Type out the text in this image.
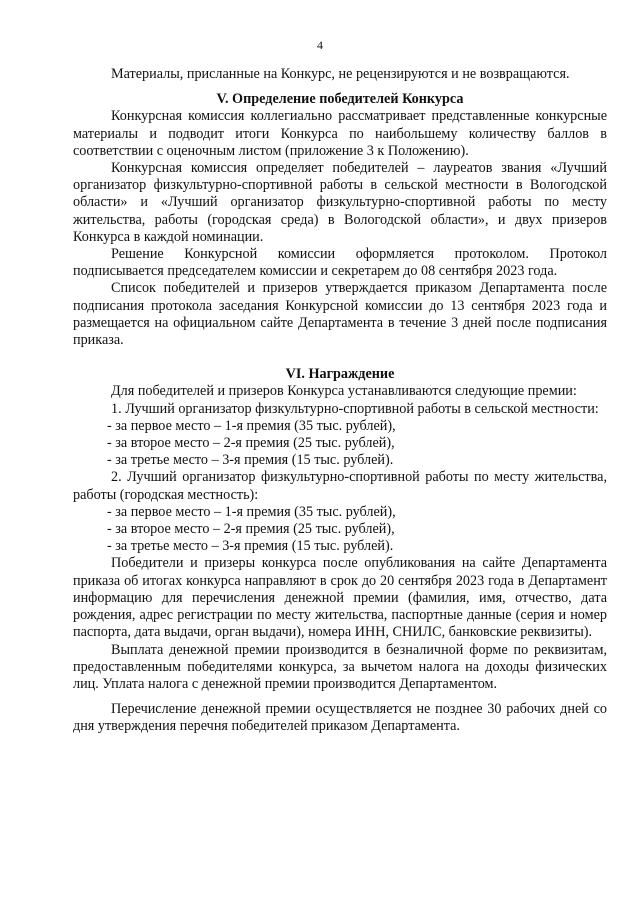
4

Материалы, присланные на Конкурс, не рецензируются и не возвращаются.

V. Определение победителей Конкурса

Конкурсная комиссия коллегиально рассматривает представленные конкурсные материалы и подводит итоги Конкурса по наибольшему количеству баллов в соответствии с оценочным листом (приложение 3 к Положению).

Конкурсная комиссия определяет победителей – лауреатов звания «Лучший организатор физкультурно-спортивной работы в сельской местности в Вологодской области» и «Лучший организатор физкультурно-спортивной работы по месту жительства, работы (городская среда) в Вологодской области», и двух призеров Конкурса в каждой номинации.

Решение Конкурсной комиссии оформляется протоколом. Протокол подписывается председателем комиссии и секретарем до 08 сентября 2023 года.

Список победителей и призеров утверждается приказом Департамента после подписания протокола заседания Конкурсной комиссии до 13 сентября 2023 года и размещается на официальном сайте Департамента в течение 3 дней после подписания приказа.

VI. Награждение

Для победителей и призеров Конкурса устанавливаются следующие премии:

1. Лучший организатор физкультурно-спортивной работы в сельской местности:

- за первое место – 1-я премия (35 тыс. рублей),

- за второе место – 2-я премия (25 тыс. рублей),

- за третье место – 3-я премия (15 тыс. рублей).

2. Лучший организатор физкультурно-спортивной работы по месту жительства, работы (городская местность):

- за первое место – 1-я премия (35 тыс. рублей),

- за второе место – 2-я премия (25 тыс. рублей),

- за третье место – 3-я премия (15 тыс. рублей).

Победители и призеры конкурса после опубликования на сайте Департамента приказа об итогах конкурса направляют в срок до 20 сентября 2023 года в Департамент информацию для перечисления денежной премии (фамилия, имя, отчество, дата рождения, адрес регистрации по месту жительства, паспортные данные (серия и номер паспорта, дата выдачи, орган выдачи), номера ИНН, СНИЛС, банковские реквизиты).

Выплата денежной премии производится в безналичной форме по реквизитам, предоставленным победителями конкурса, за вычетом налога на доходы физических лиц. Уплата налога с денежной премии производится Департаментом.

Перечисление денежной премии осуществляется не позднее 30 рабочих дней со дня утверждения перечня победителей приказом Департамента.
